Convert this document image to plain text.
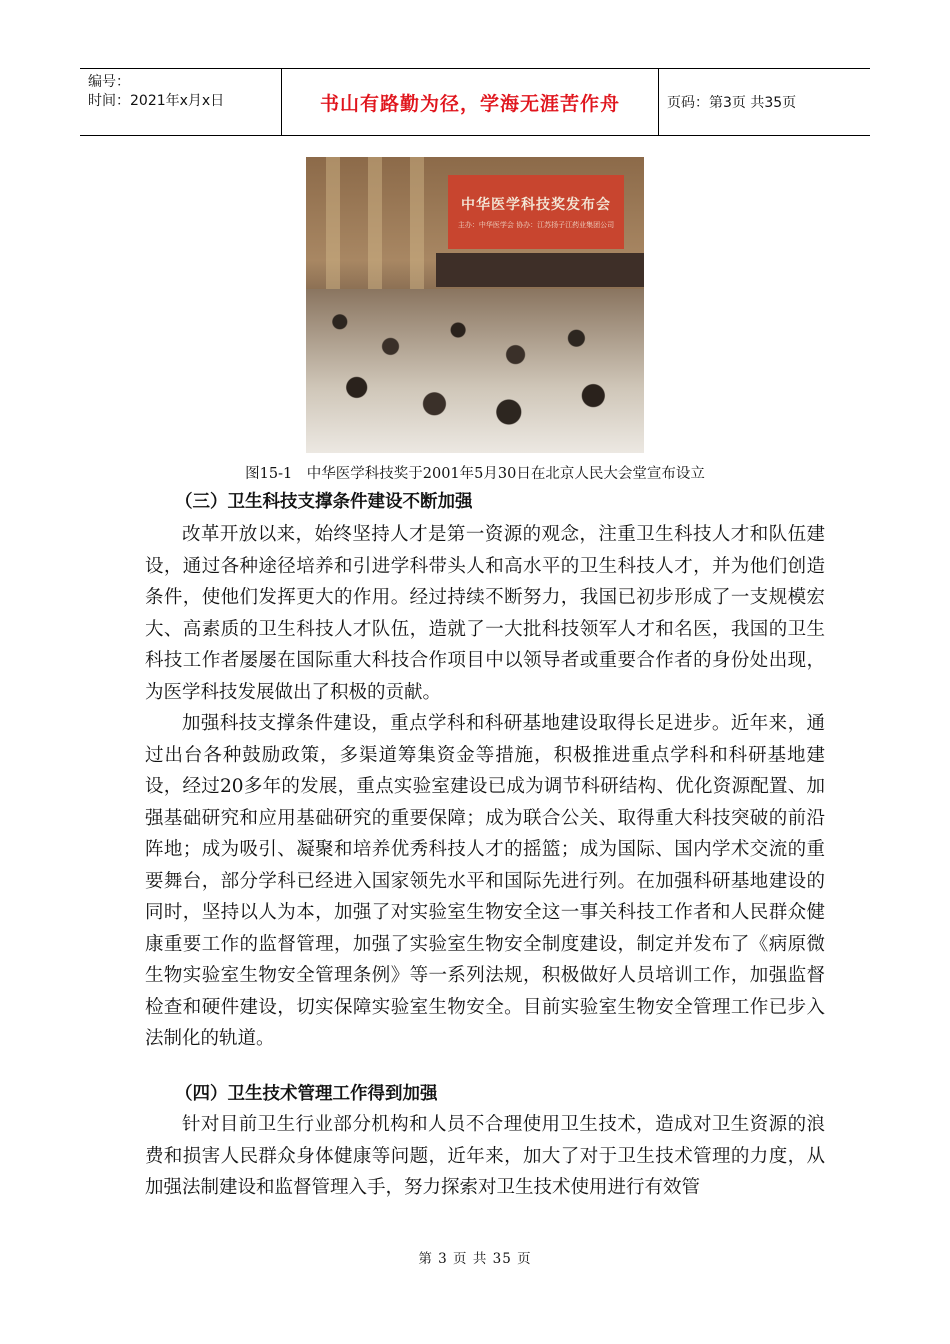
编号：
时间：2021年x月x日	书山有路勤为径，学海无涯苦作舟	页码：第3页 共35页
中华医学科技奖发布会
主办：中华医学会 协办：江苏扬子江药业集团公司
图15-1　中华医学科技奖于2001年5月30日在北京人民大会堂宣布设立
（三）卫生科技支撑条件建设不断加强

改革开放以来，始终坚持人才是第一资源的观念，注重卫生科技人才和队伍建设，通过各种途径培养和引进学科带头人和高水平的卫生科技人才，并为他们创造条件，使他们发挥更大的作用。经过持续不断努力，我国已初步形成了一支规模宏大、高素质的卫生科技人才队伍，造就了一大批科技领军人才和名医，我国的卫生科技工作者屡屡在国际重大科技合作项目中以领导者或重要合作者的身份处出现，为医学科技发展做出了积极的贡献。

加强科技支撑条件建设，重点学科和科研基地建设取得长足进步。近年来，通过出台各种鼓励政策，多渠道筹集资金等措施，积极推进重点学科和科研基地建设，经过20多年的发展，重点实验室建设已成为调节科研结构、优化资源配置、加强基础研究和应用基础研究的重要保障；成为联合公关、取得重大科技突破的前沿阵地；成为吸引、凝聚和培养优秀科技人才的摇篮；成为国际、国内学术交流的重要舞台，部分学科已经进入国家领先水平和国际先进行列。在加强科研基地建设的同时，坚持以人为本，加强了对实验室生物安全这一事关科技工作者和人民群众健康重要工作的监督管理，加强了实验室生物安全制度建设，制定并发布了《病原微生物实验室生物安全管理条例》等一系列法规，积极做好人员培训工作，加强监督检查和硬件建设，切实保障实验室生物安全。目前实验室生物安全管理工作已步入法制化的轨道。

（四）卫生技术管理工作得到加强

针对目前卫生行业部分机构和人员不合理使用卫生技术，造成对卫生资源的浪费和损害人民群众身体健康等问题，近年来，加大了对于卫生技术管理的力度，从加强法制建设和监督管理入手，努力探索对卫生技术使用进行有效管

第 3 页 共 35 页
